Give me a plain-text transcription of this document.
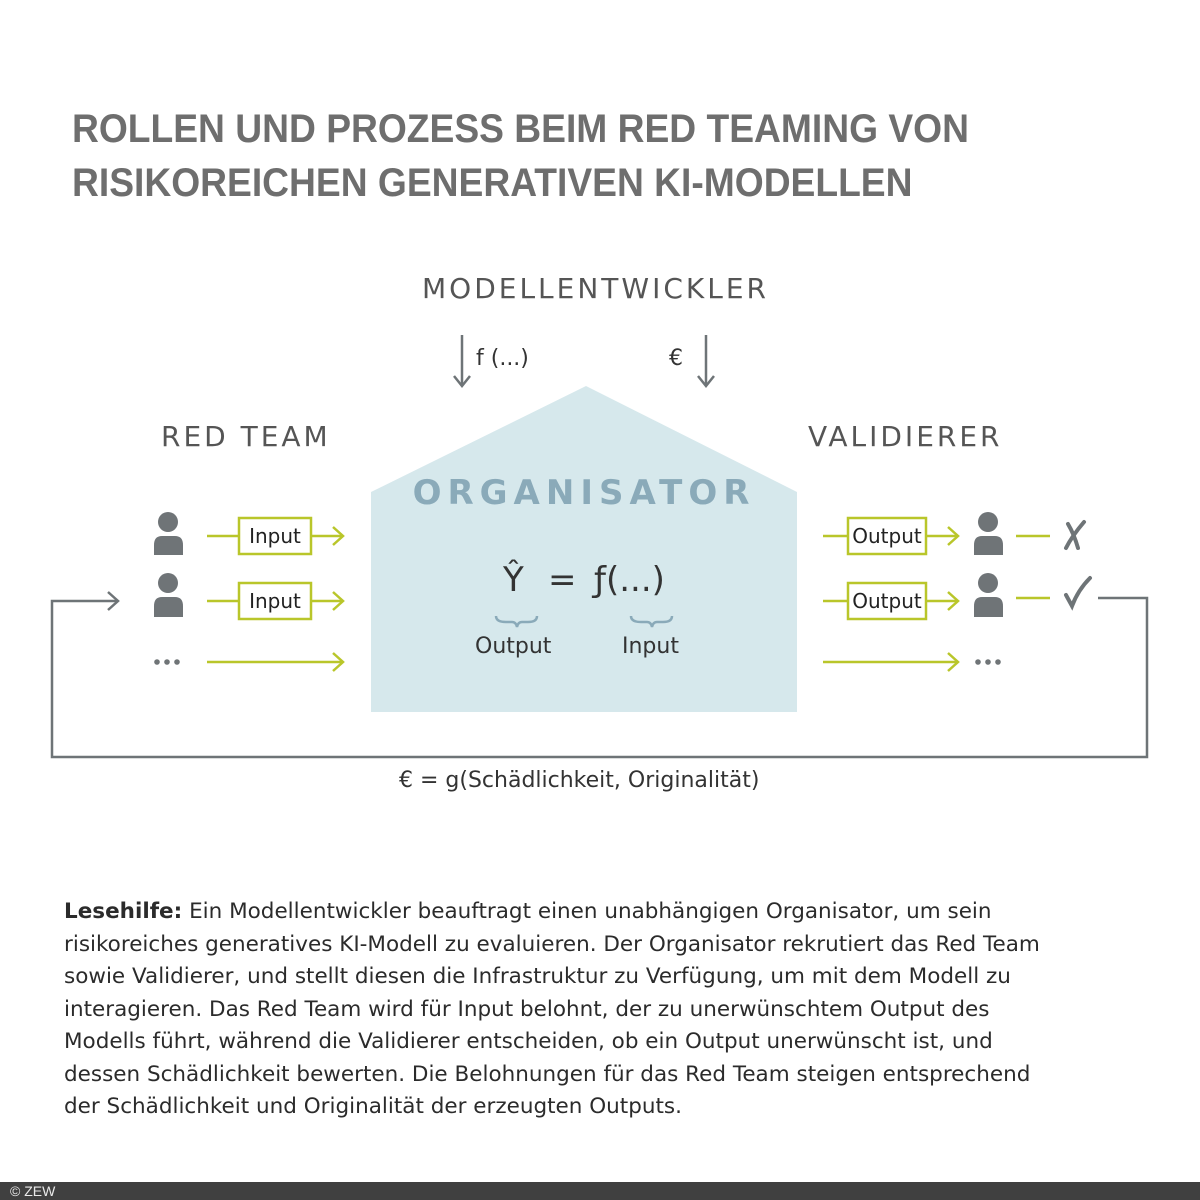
ROLLEN UND PROZESS BEIM RED TEAMING VON
RISIKOREICHEN GENERATIVEN KI-MODELLEN
MODELLENTWICKLER
RED TEAM	VALIDIERER
ORGANISATOR
f (...)	€
Input
Input
Output
Output
Ŷ = ƒ(...)
Output	Input
€ = g(Schädlichkeit, Originalität)
Lesehilfe: Ein Modellentwickler beauftragt einen unabhängigen Organisator, um sein
risikoreiches generatives KI-Modell zu evaluieren. Der Organisator rekrutiert das Red Team
sowie Validierer, und stellt diesen die Infrastruktur zu Verfügung, um mit dem Modell zu
interagieren. Das Red Team wird für Input belohnt, der zu unerwünschtem Output des
Modells führt, während die Validierer entscheiden, ob ein Output unerwünscht ist, und
dessen Schädlichkeit bewerten. Die Belohnungen für das Red Team steigen entsprechend
der Schädlichkeit und Originalität der erzeugten Outputs.
© ZEW
